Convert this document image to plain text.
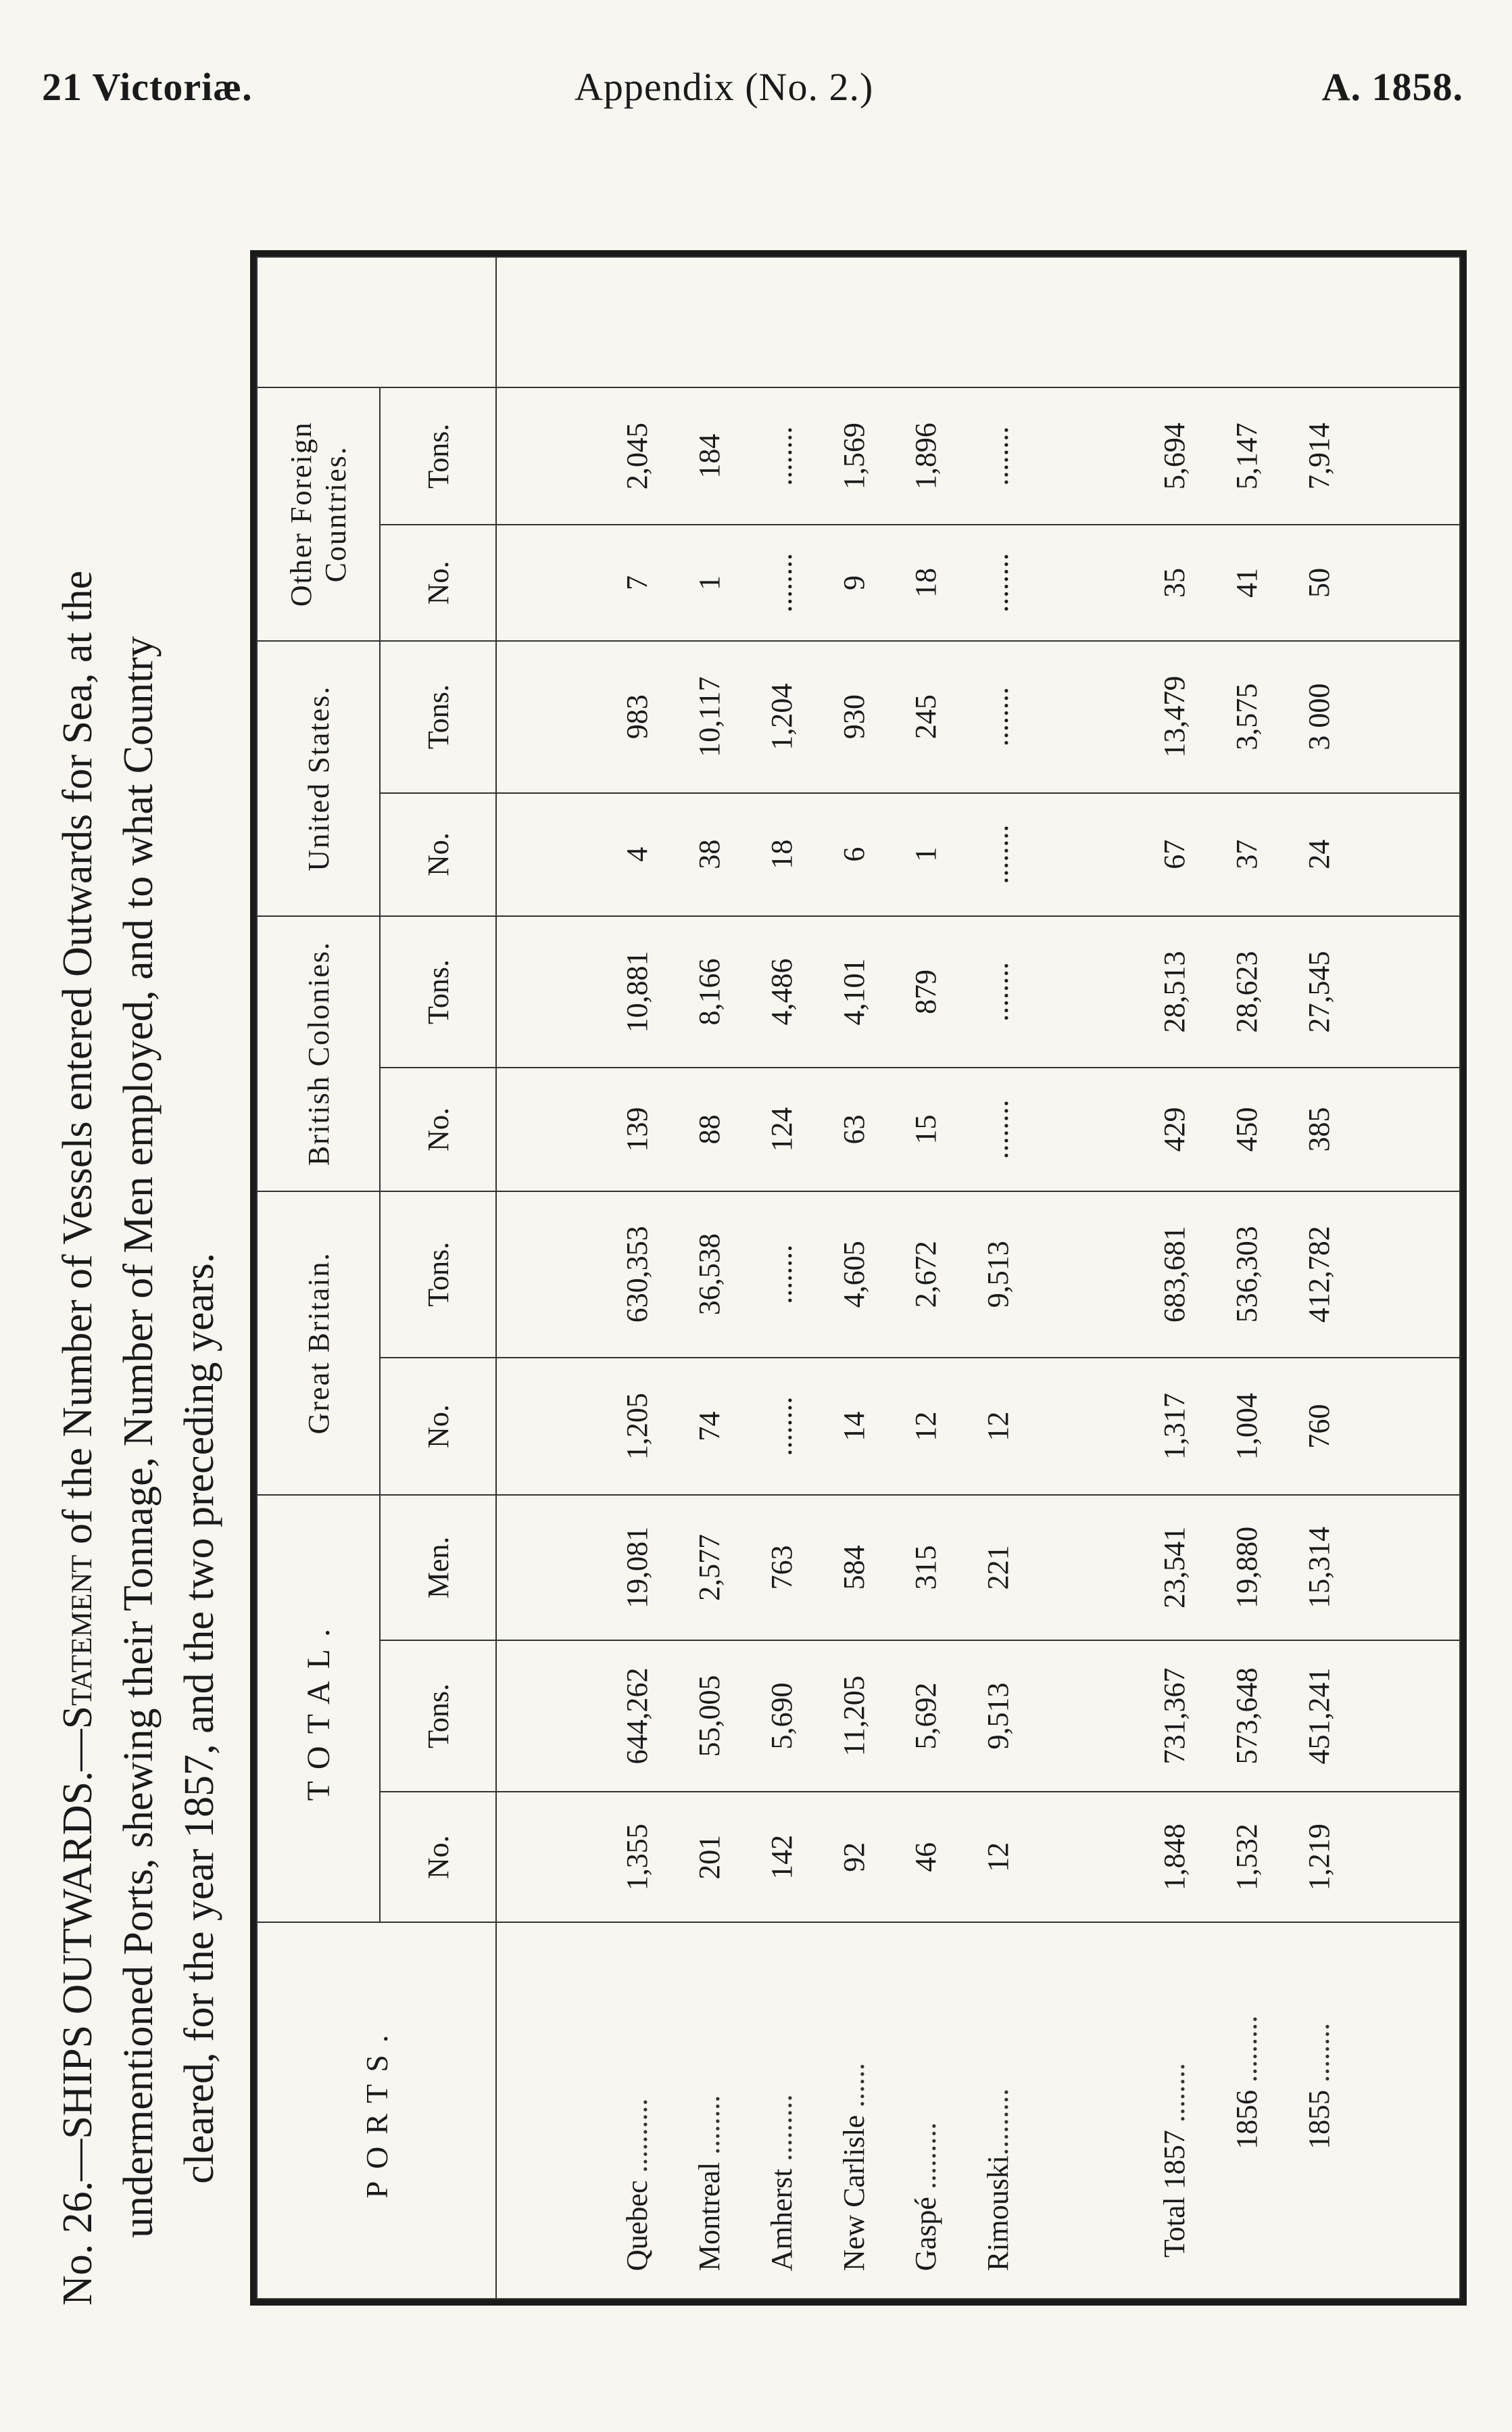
21 Victoriæ.	Appendix (No. 2.)	A. 1858.
No. 26.—SHIPS OUTWARDS.—Statement of the Number of Vessels entered Outwards for Sea, at the undermentioned Ports, shewing their Tonnage, Number of Men employed, and to what Country cleared, for the year 1857, and the two preceding years.	PORTS.	TOTAL.			Great Britain.		British Colonies.		United States.		Other Foreign Countries.		
	No.	Tons.	Men.	No.	Tons.	No.	Tons.	No.	Tons.	No.	Tons.	

Quebec ..........	1,355	644,262	19,081	1,205	630,353	139	10,881	4	983	7	2,045	
Montreal ........	201	55,005	2,577	74	36,538	88	8,166	38	10,117	1	184	
Amherst .........	142	5,690	763	........	........	124	4,486	18	1,204	........	........	
New Carlisle ......	92	11,205	584	14	4,605	63	4,101	6	930	9	1,569	
Gaspé .........	46	5,692	315	12	2,672	15	879	1	245	18	1,896	
Rimouski.........	12	9,513	221	12	9,513	........	........	........	........	........	........	

Total 1857 ........	1,848	731,367	23,541	1,317	683,681	429	28,513	67	13,479	35	5,694	
1856 .........	1,532	573,648	19,880	1,004	536,303	450	28,623	37	3,575	41	5,147	
1855 ........	1,219	451,241	15,314	760	412,782	385	27,545	24	3 000	50	7,914	
